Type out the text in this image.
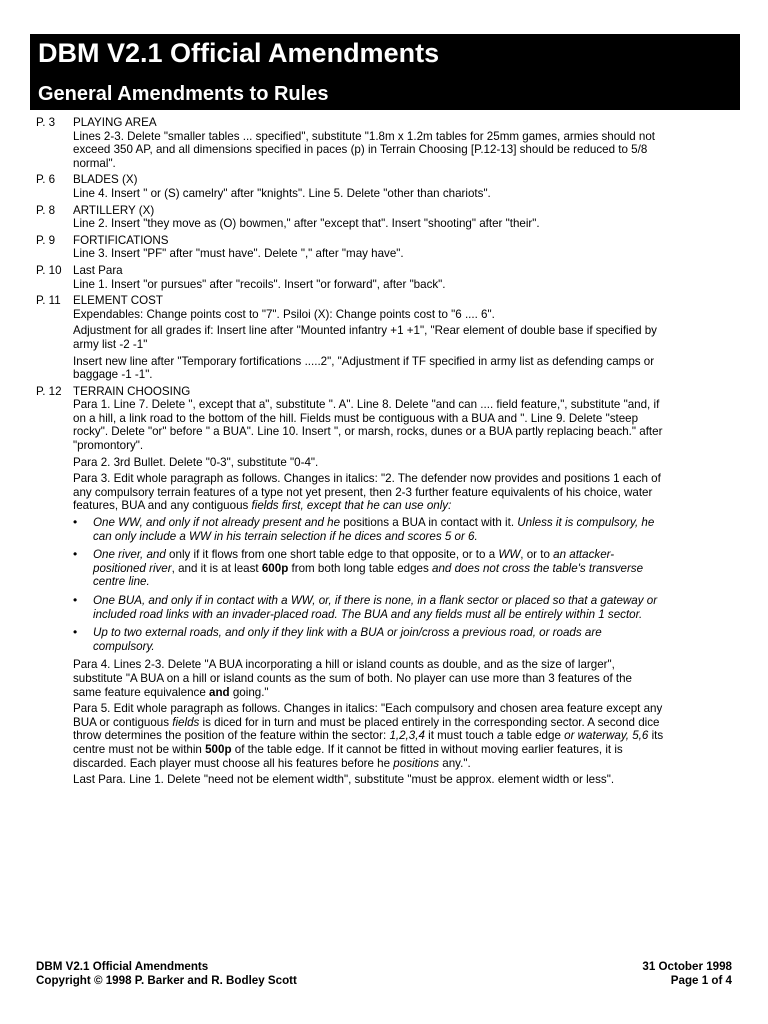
DBM V2.1 Official Amendments
General Amendments to Rules
P. 3	PLAYING AREA
Lines 2-3. Delete "smaller tables ... specified", substitute "1.8m x 1.2m tables for 25mm games, armies should not
exceed 350 AP, and all dimensions specified in paces (p) in Terrain Choosing [P.12-13] should be reduced to 5/8
normal".
P. 6	BLADES (X)
Line 4. Insert " or (S) camelry" after "knights". Line 5. Delete "other than chariots".
P. 8	ARTILLERY (X)
Line 2. Insert "they move as (O) bowmen," after "except that". Insert "shooting" after "their".
P. 9	FORTIFICATIONS
Line 3. Insert "PF" after "must have". Delete "," after "may have".
P. 10 Last Para
Line 1. Insert "or pursues" after "recoils". Insert "or forward", after "back".
P. 11	ELEMENT COST
Expendables: Change points cost to "7". Psiloi (X): Change points cost to "6 .... 6".
Adjustment for all grades if: Insert line after "Mounted infantry +1 +1", "Rear element of double base if specified by
army list -2 -1"
Insert new line after "Temporary fortifications .....2", "Adjustment if TF specified in army list as defending camps or
baggage -1 -1".
P. 12 TERRAIN CHOOSING
Para 1. Line 7. Delete ", except that a", substitute ". A". Line 8. Delete "and can .... field feature,", substitute "and, if
on a hill, a link road to the bottom of the hill. Fields must be contiguous with a BUA and ". Line 9. Delete "steep
rocky". Delete "or" before " a BUA". Line 10. Insert ", or marsh, rocks, dunes or a BUA partly replacing beach." after
"promontory".
Para 2. 3rd Bullet. Delete "0-3", substitute "0-4".
Para 3. Edit whole paragraph as follows. Changes in italics: "2. The defender now provides and positions 1 each of
any compulsory terrain features of a type not yet present, then 2-3 further feature equivalents of his choice, water
features, BUA and any contiguous fields first, except that he can use only:
•	One WW, and only if not already present and he positions a BUA in contact with it. Unless it is compulsory, he
can only include a WW in his terrain selection if he dices and scores 5 or 6.
•	One river, and only if it flows from one short table edge to that opposite, or to a WW, or to an attacker-
positioned river, and it is at least 600p from both long table edges and does not cross the table's transverse
centre line.
•	One BUA, and only if in contact with a WW, or, if there is none, in a flank sector or placed so that a gateway or
included road links with an invader-placed road. The BUA and any fields must all be entirely within 1 sector.
•	Up to two external roads, and only if they link with a BUA or join/cross a previous road, or roads are
compulsory.
Para 4. Lines 2-3. Delete "A BUA incorporating a hill or island counts as double, and as the size of larger",
substitute "A BUA on a hill or island counts as the sum of both. No player can use more than 3 features of the
same feature equivalence and going."
Para 5. Edit whole paragraph as follows. Changes in italics: "Each compulsory and chosen area feature except any
BUA or contiguous fields is diced for in turn and must be placed entirely in the corresponding sector. A second dice
throw determines the position of the feature within the sector: 1,2,3,4 it must touch a table edge or waterway, 5,6 its
centre must not be within 500p of the table edge. If it cannot be fitted in without moving earlier features, it is
discarded. Each player must choose all his features before he positions any.".
Last Para. Line 1. Delete "need not be element width", substitute "must be approx. element width or less".
DBM V2.1 Official Amendments
Copyright © 1998 P. Barker and R. Bodley Scott
31 October 1998
Page 1 of 4
